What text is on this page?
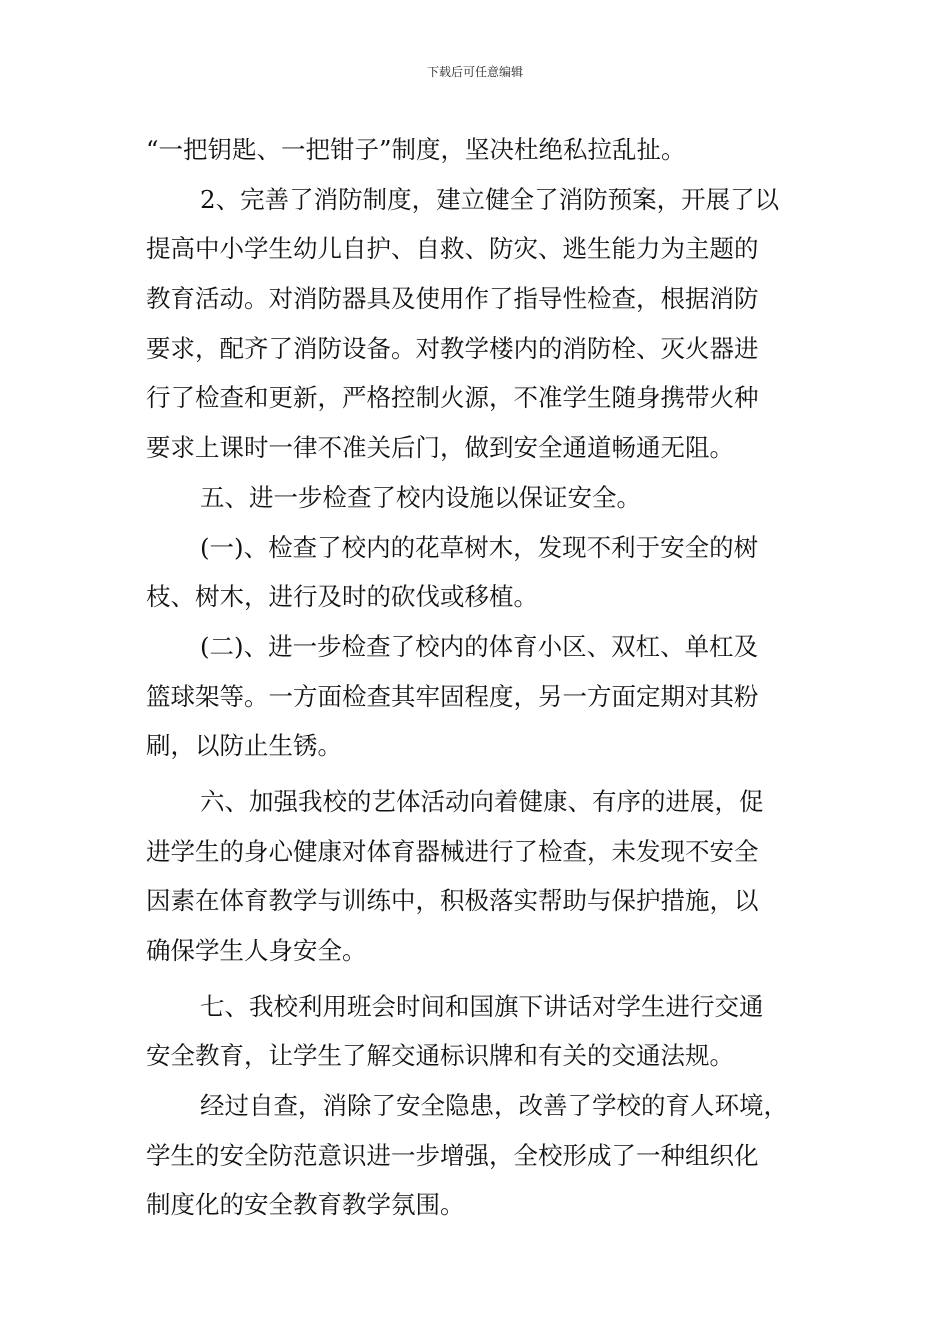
下载后可任意编辑
“一把钥匙、一把钳子”制度，坚决杜绝私拉乱扯。
2、完善了消防制度，建立健全了消防预案，开展了以
提高中小学生幼儿自护、自救、防灾、逃生能力为主题的
教育活动。对消防器具及使用作了指导性检查，根据消防
要求，配齐了消防设备。对教学楼内的消防栓、灭火器进
行了检查和更新，严格控制火源，不准学生随身携带火种
要求上课时一律不准关后门，做到安全通道畅通无阻。
五、进一步检查了校内设施以保证安全。
(一)、检查了校内的花草树木，发现不利于安全的树
枝、树木，进行及时的砍伐或移植。
(二)、进一步检查了校内的体育小区、双杠、单杠及
篮球架等。一方面检查其牢固程度，另一方面定期对其粉
刷，以防止生锈。
六、加强我校的艺体活动向着健康、有序的进展，促
进学生的身心健康对体育器械进行了检查，未发现不安全
因素在体育教学与训练中，积极落实帮助与保护措施，以
确保学生人身安全。
七、我校利用班会时间和国旗下讲话对学生进行交通
安全教育，让学生了解交通标识牌和有关的交通法规。
经过自查，消除了安全隐患，改善了学校的育人环境，
学生的安全防范意识进一步增强，全校形成了一种组织化
制度化的安全教育教学氛围。
